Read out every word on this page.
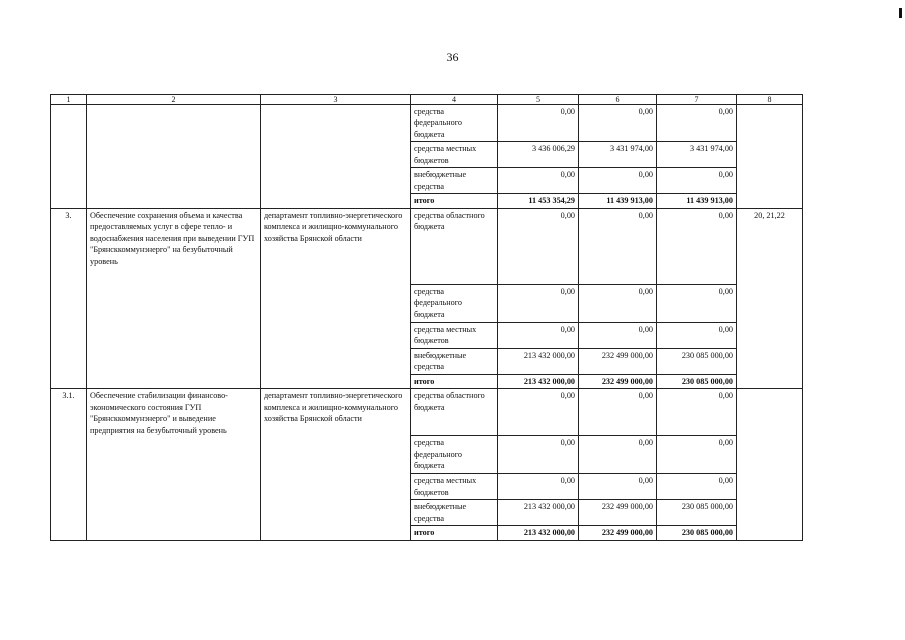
36
1	2	3	4	5	6	7	8
			средства федерального бюджета	0,00	0,00	0,00	
			средства местных бюджетов	3 436 006,29	3 431 974,00	3 431 974,00	
			внебюджетные средства	0,00	0,00	0,00	
			итого	11 453 354,29	11 439 913,00	11 439 913,00	
3.	Обеспечение сохранения объема и качества предоставляемых услуг в сфере тепло- и водоснабжения населения при выведении ГУП "Брянсккоммунэнерго" на безубыточный уровень	департамент топливно-энергетического комплекса и жилищно-коммунального хозяйства Брянской области	средства областного бюджета	0,00	0,00	0,00	20, 21,22
			средства федерального бюджета	0,00	0,00	0,00	
			средства местных бюджетов	0,00	0,00	0,00	
			внебюджетные средства	213 432 000,00	232 499 000,00	230 085 000,00	
			итого	213 432 000,00	232 499 000,00	230 085 000,00	
3.1.	Обеспечение стабилизации финансово-экономического состояния ГУП "Брянсккоммунэнерго" и выведение предприятия на безубыточный уровень	департамент топливно-энергетического комплекса и жилищно-коммунального хозяйства Брянской области	средства областного бюджета	0,00	0,00	0,00	
			средства федерального бюджета	0,00	0,00	0,00	
			средства местных бюджетов	0,00	0,00	0,00	
			внебюджетные средства	213 432 000,00	232 499 000,00	230 085 000,00	
			итого	213 432 000,00	232 499 000,00	230 085 000,00	
